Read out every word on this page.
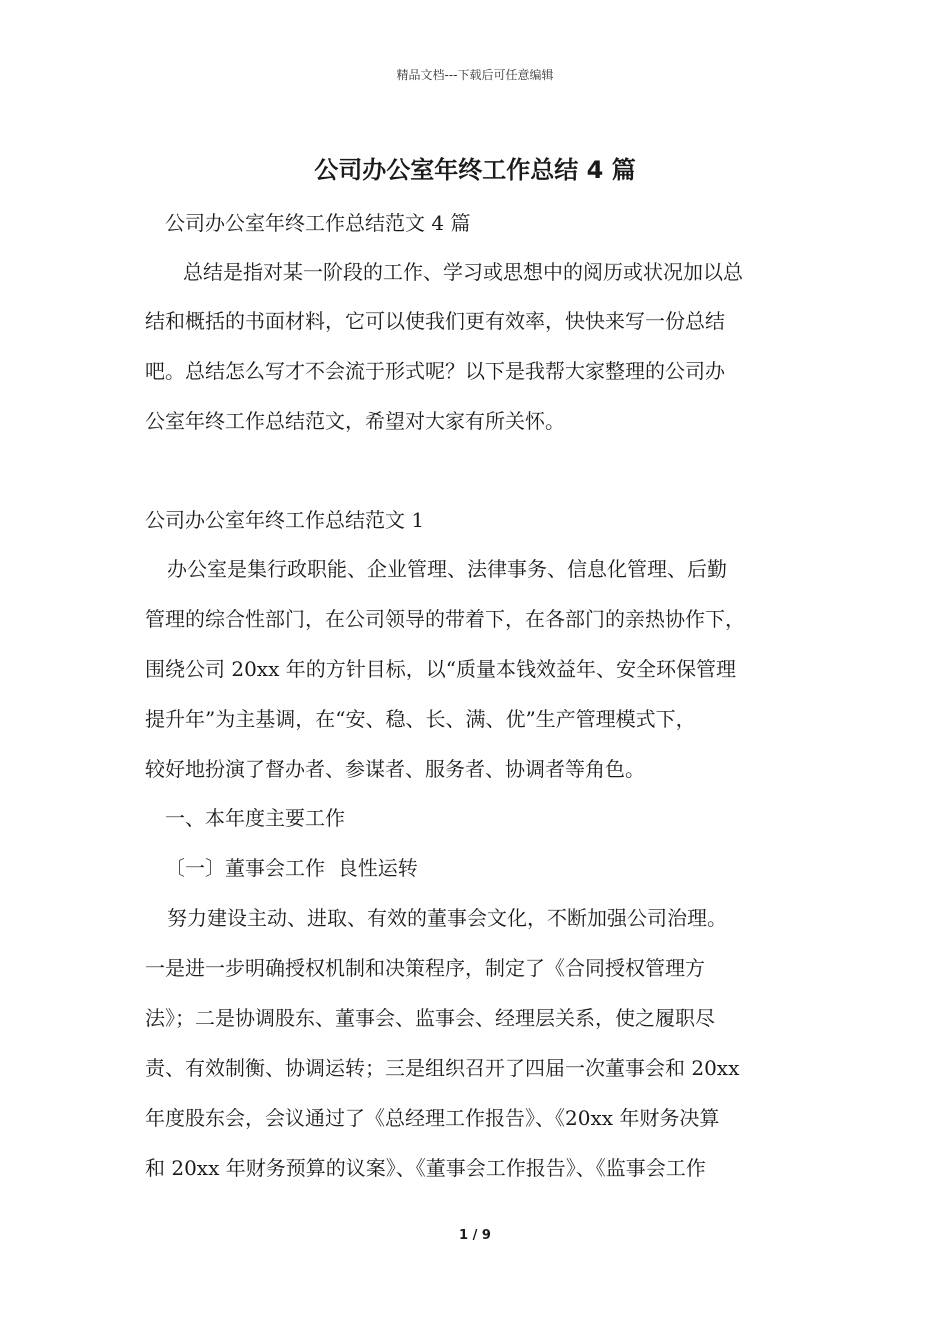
精品文档---下载后可任意编辑
公司办公室年终工作总结 4 篇
公司办公室年终工作总结范文 4 篇
总结是指对某一阶段的工作、学习或思想中的阅历或状况加以总
结和概括的书面材料，它可以使我们更有效率，快快来写一份总结
吧。总结怎么写才不会流于形式呢？以下是我帮大家整理的公司办
公室年终工作总结范文，希望对大家有所关怀。
公司办公室年终工作总结范文 1
办公室是集行政职能、企业管理、法律事务、信息化管理、后勤
管理的综合性部门，在公司领导的带着下，在各部门的亲热协作下，
围绕公司 20xx 年的方针目标，以“质量本钱效益年、安全环保管理
提升年”为主基调，在“安、稳、长、满、优”生产管理模式下，
较好地扮演了督办者、参谋者、服务者、协调者等角色。
一、本年度主要工作
〔一〕董事会工作  良性运转
努力建设主动、进取、有效的董事会文化，不断加强公司治理。
一是进一步明确授权机制和决策程序，制定了《合同授权管理方
法》；二是协调股东、董事会、监事会、经理层关系，使之履职尽
责、有效制衡、协调运转；三是组织召开了四届一次董事会和 20xx
年度股东会，会议通过了《总经理工作报告》、《20xx 年财务决算
和 20xx 年财务预算的议案》、《董事会工作报告》、《监事会工作
1 / 9
